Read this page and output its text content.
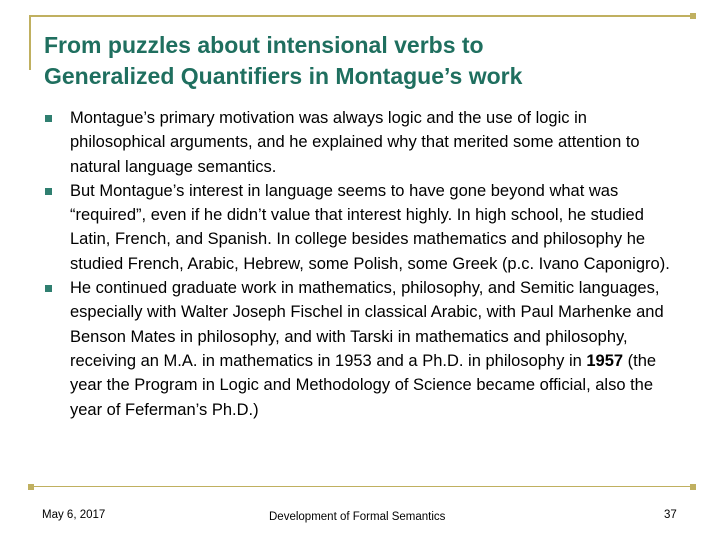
From puzzles about intensional verbs to
Generalized Quantifiers in Montague’s work
Montague’s primary motivation was always logic and the use of logic in philosophical arguments, and he explained why that merited some attention to natural language semantics.
But Montague’s interest in language seems to have gone beyond what was “required”, even if he didn’t value that interest highly. In high school, he studied Latin, French, and Spanish. In college besides mathematics and philosophy he studied French, Arabic, Hebrew, some Polish, some Greek (p.c. Ivano Caponigro).
He continued graduate work in mathematics, philosophy, and Semitic languages, especially with Walter Joseph Fischel in classical Arabic, with Paul Marhenke and Benson Mates in philosophy, and with Tarski in mathematics and philosophy, receiving an M.A. in mathematics in 1953 and a Ph.D. in philosophy in 1957 (the year the Program in Logic and Methodology of Science became official, also the year of Feferman’s Ph.D.)
May 6, 2017	Development of Formal Semantics	37
